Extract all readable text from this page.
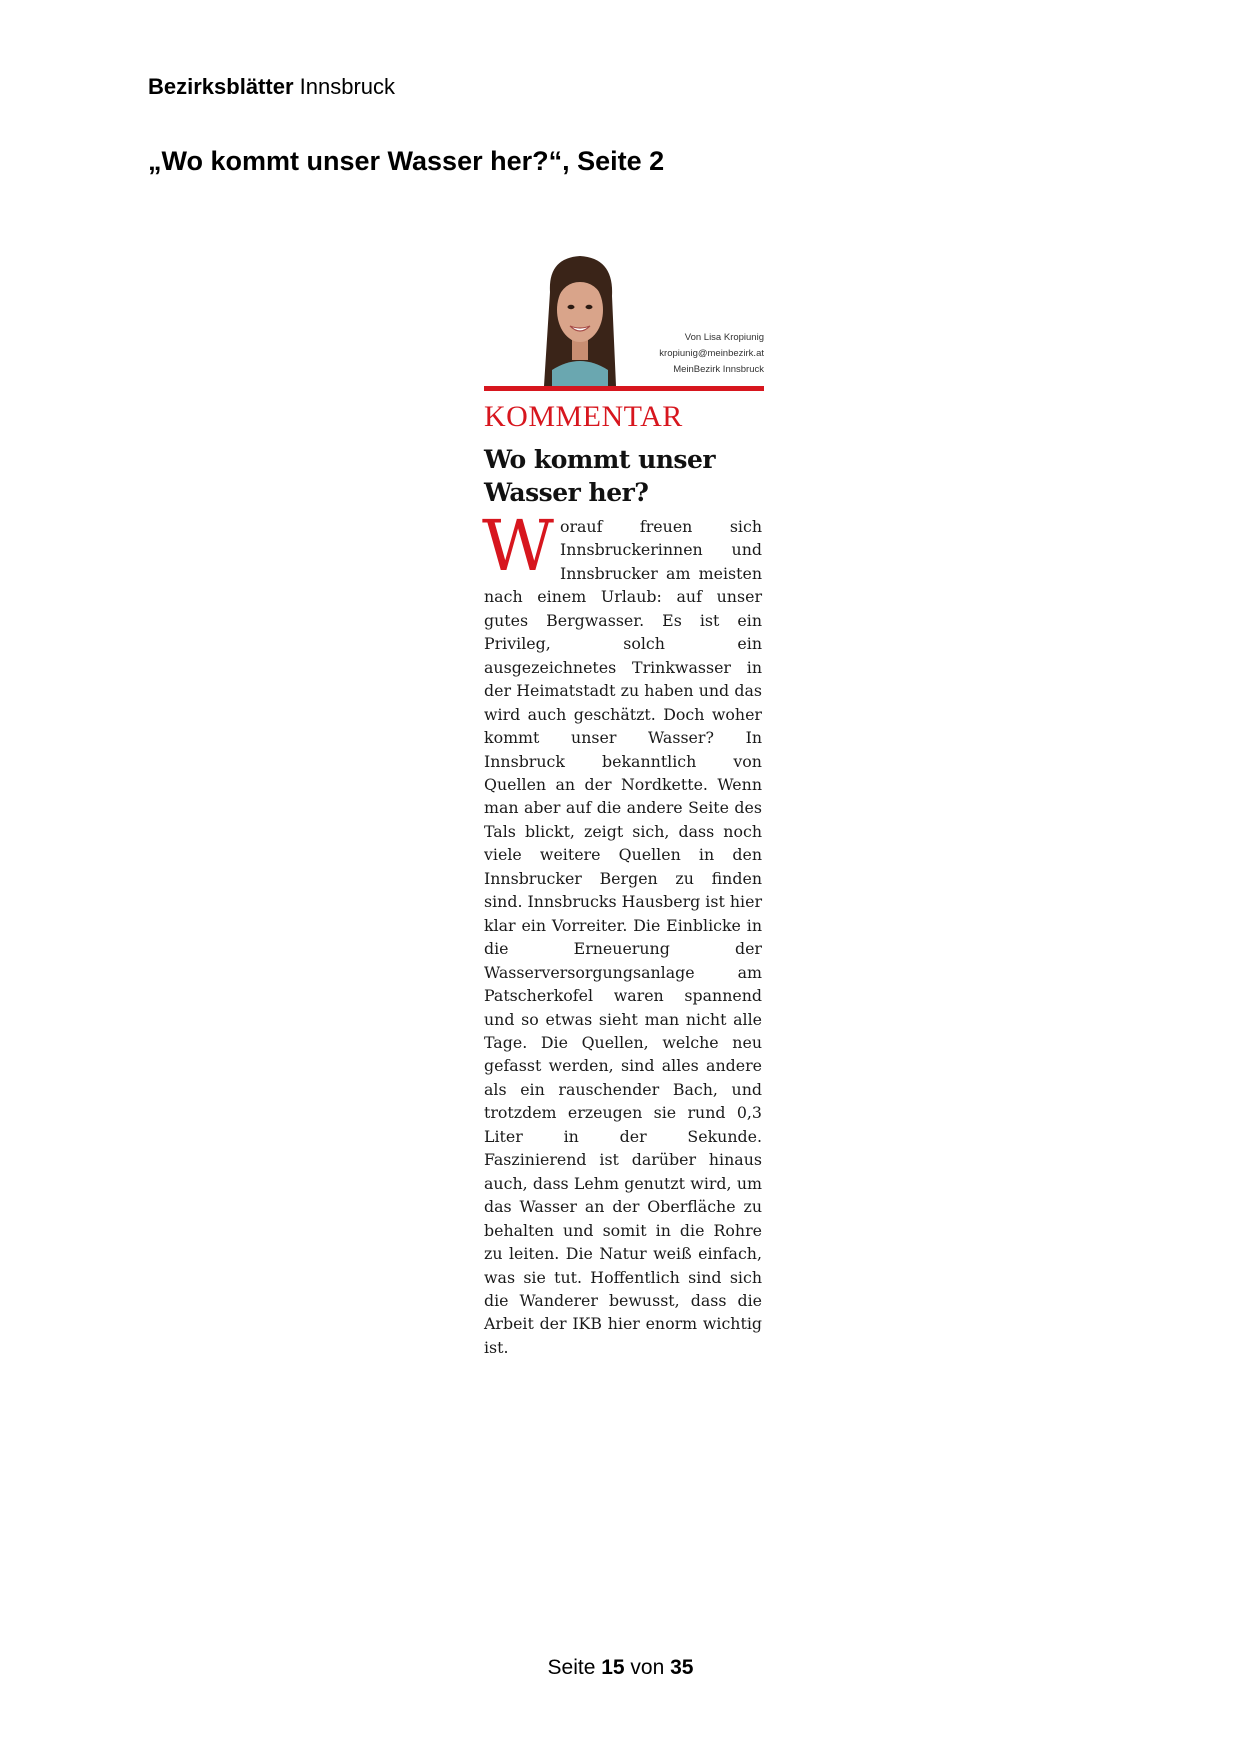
Bezirksblätter Innsbruck
„Wo kommt unser Wasser her?“, Seite 2
Von Lisa Kropiunig
kropiunig@meinbezirk.at
MeinBezirk Innsbruck
KOMMENTAR
Wo kommt unser Wasser her?
W orauf freuen sich Innsbruckerinnen und Innsbrucker am meisten nach einem Urlaub: auf unser gutes Bergwasser. Es ist ein Privileg, solch ein ausgezeichnetes Trinkwasser in der Heimatstadt zu haben und das wird auch geschätzt. Doch woher kommt unser Wasser? In Innsbruck bekanntlich von Quellen an der Nordkette. Wenn man aber auf die andere Seite des Tals blickt, zeigt sich, dass noch viele weitere Quellen in den Innsbrucker Bergen zu finden sind. Innsbrucks Hausberg ist hier klar ein Vorreiter. Die Einblicke in die Erneuerung der Wasserversorgungsanlage am Patscherkofel waren spannend und so etwas sieht man nicht alle Tage. Die Quellen, welche neu gefasst werden, sind alles andere als ein rauschender Bach, und trotzdem erzeugen sie rund 0,3 Liter in der Sekunde. Faszinierend ist darüber hinaus auch, dass Lehm genutzt wird, um das Wasser an der Oberfläche zu behalten und somit in die Rohre zu leiten. Die Natur weiß einfach, was sie tut. Hoffentlich sind sich die Wanderer bewusst, dass die Arbeit der IKB hier enorm wichtig ist.
Seite 15 von 35
